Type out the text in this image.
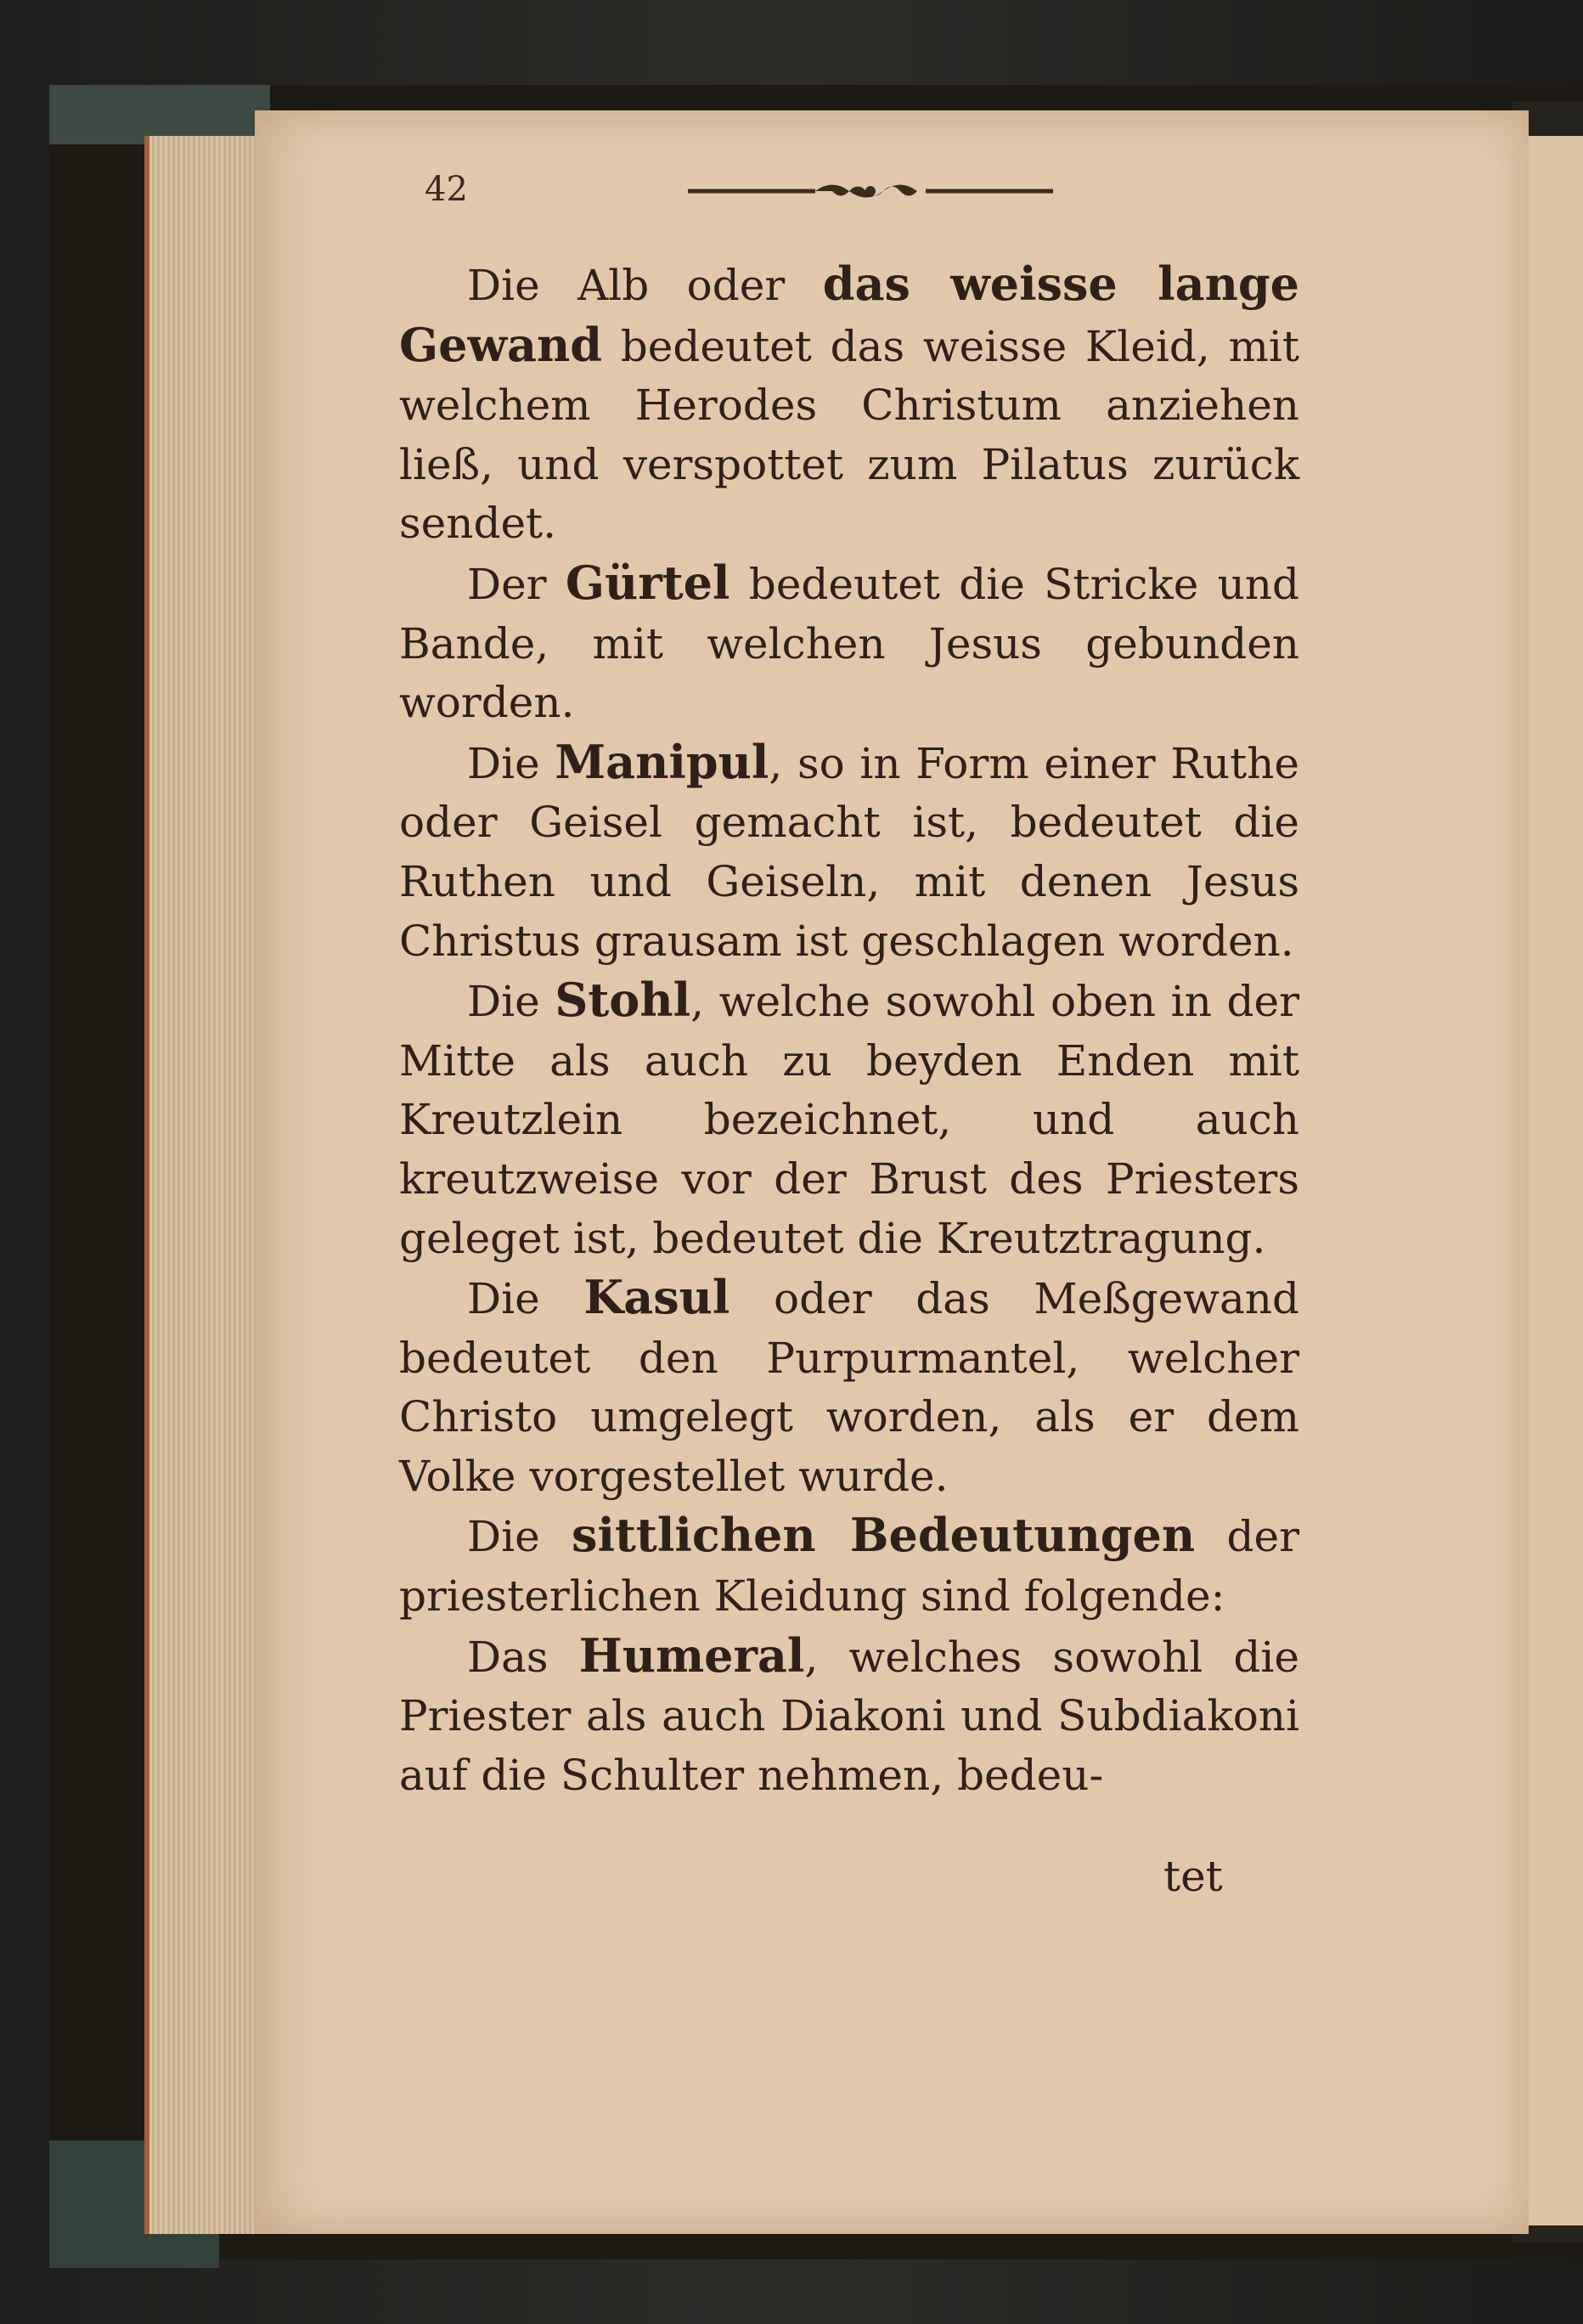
42

Die Alb oder das weisse lange Gewand bedeutet das weisse Kleid, mit welchem Herodes Christum anziehen ließ, und verspottet zum Pilatus zurück sendet.

Der Gürtel bedeutet die Stricke und Bande, mit welchen Jesus gebunden worden.

Die Manipul, so in Form einer Ruthe oder Geisel gemacht ist, bedeutet die Ruthen und Geiseln, mit denen Jesus Christus grausam ist geschlagen worden.

Die Stohl, welche sowohl oben in der Mitte als auch zu beyden Enden mit Kreutzlein bezeichnet, und auch kreutzweise vor der Brust des Priesters geleget ist, bedeutet die Kreutztragung.

Die Kasul oder das Meßgewand bedeutet den Purpurmantel, welcher Christo umgelegt worden, als er dem Volke vorgestellet wurde.

Die sittlichen Bedeutungen der priesterlichen Kleidung sind folgende:

Das Humeral, welches sowohl die Priester als auch Diakoni und Subdiakoni auf die Schulter nehmen, bedeu-

tet
